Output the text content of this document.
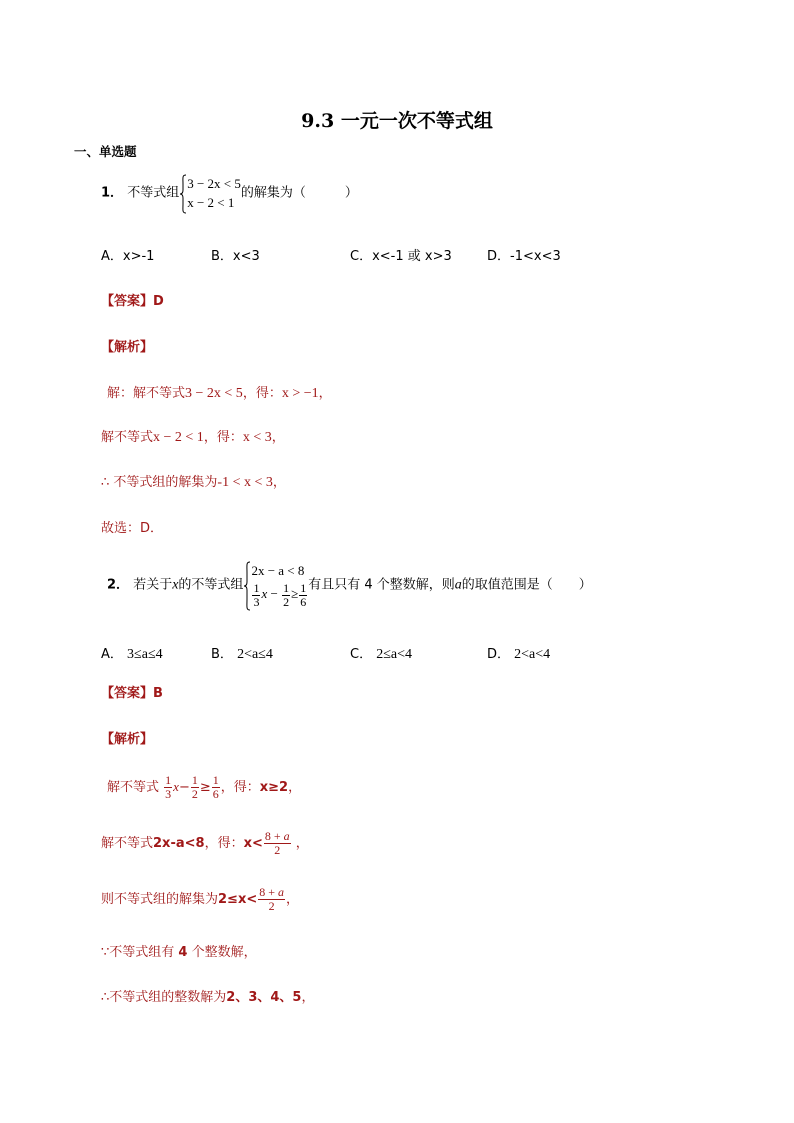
9.3 一元一次不等式组
一、单选题
1． 不等式组
3 − 2x < 5
x − 2 < 1
的解集为（　　　）
A．x>-1	B．x<3	C．x<-1 或 x>3	D．-1<x<3
【答案】D
【解析】
解：解不等式3 − 2x < 5，得：x > −1，
解不等式x − 2 < 1，得：x < 3，
∴ 不等式组的解集为-1 < x < 3，
故选：D．
2． 若关于x的不等式组
2x − a < 8
$\frac{1}{3}$ $x - \frac{1}{2} \ge \frac{1}{6}$ 有且只有 4 个整数解，则a的取值范围是（　　）
A． 3≤a≤4	B． 2<a≤4	C． 2≤a<4	D． 2<a<4
【答案】B
【解析】
解不等式 $\frac{1}{3} x- \frac{1}{2} \ge \frac{1}{6}$ ，得：x≥2，
解不等式2x-a<8，得：$x< \frac{8 + a}{2}$ ，
则不等式组的解集为$2\le x< \frac{8 + a}{2}$ ，
∵不等式组有 4 个整数解，
∴不等式组的整数解为2、3、4、5，
